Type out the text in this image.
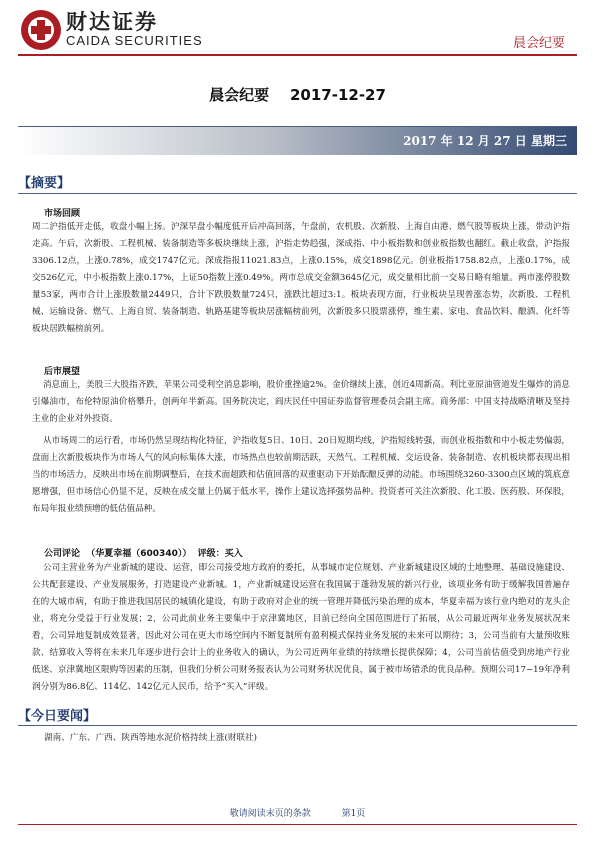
财达证券
CAIDA SECURITIES	晨会纪要
晨会纪要    2017-12-27
2017 年 12 月 27 日 星期三
【摘要】
市场回顾
周二沪指低开走低，收盘小幅上扬。沪深早盘小幅度低开后冲高回落，午盘前，农机股、次新股、上海自由港、燃气股等板块上涨，带动沪指走高。午后，次新股、工程机械、装备制造等多板块继续上涨，沪指走势趋强，深成指、中小板指数和创业板指数也翻红。截止收盘，沪指报3306.12点，上涨0.78%，成交1747亿元。深成指报11021.83点，上涨0.15%，成交1898亿元。创业板指1758.82点，上涨0.17%，成交526亿元，中小板指数上涨0.17%，上证50指数上涨0.49%。两市总成交金额3645亿元，成交量相比前一交易日略有缩量。两市涨停股数量53家，两市合计上涨股数量2449只，合计下跌股数量724只，涨跌比超过3:1。板块表现方面，行业板块呈现普涨态势，次新股、工程机械、运输设备、燃气、上海自贸、装备制造、轨路基建等板块居涨幅榜前列，次新股多只股票涨停，维生素、家电、食品饮料、酿酒、化纤等板块居跌幅榜前列。
后市展望
消息面上，美股三大股指齐跌，苹果公司受利空消息影响，股价重挫逾2%。金价继续上涨，创近4周新高。利比亚原油管道发生爆炸的消息引爆油市，布伦特原油价格攀升，创两年半新高。国务院决定，阎庆民任中国证券监督管理委员会副主席。商务部：中国支持战略清晰及坚持主业的企业对外投资。
从市场周二的运行看，市场仍然呈现结构化特征，沪指收复5日、10日、20日短期均线，沪指短线转强，而创业板指数和中小板走势偏弱，盘面上次新股板块作为市场人气的风向标集体大涨，市场热点也较前期活跃，天然气、工程机械、交运设备、装备制造、农机板块都表现出相当的市场活力，反映出市场在前期调整后，在技术面超跌和估值回落的双重驱动下开始酝酿反弹的动能。市场围绕3260-3300点区域的筑底意愿增强，但市场信心仍显不足，反映在成交量上仍属于低水平，操作上建议选择强势品种。投资者可关注次新股、化工股、医药股、环保股，布局年报业绩预增的低估值品种。
公司评论  （华夏幸福（600340））  评级：买入
公司主营业务为产业新城的建设、运营，即公司接受地方政府的委托，从事城市定位规划、产业新城建设区域的土地整理、基础设施建设、公共配套建设、产业发展服务，打造建设产业新城。1，产业新城建设运营在我国属于蓬勃发展的新兴行业，该项业务有助于缓解我国普遍存在的大城市病，有助于推进我国居民的城镇化建设，有助于政府对企业的统一管理并降低污染治理的成本，华夏幸福为该行业内绝对的龙头企业，将充分受益于行业发展；2，公司此前业务主要集中于京津冀地区，目前已经向全国范围进行了拓展，从公司最近两年业务发展状况来看，公司异地复制成效显著，因此对公司在更大市场空间内不断复制所有盈利模式保持业务发展的未来可以期待；3，公司当前有大量预收账款、结算收入等将在未来几年逐步进行会计上的业务收入的确认，为公司近两年业绩的持续增长提供保障；4，公司当前估值受到房地产行业低迷、京津冀地区限购等因素的压制，但我们分析公司财务报表认为公司财务状况优良，属于被市场错杀的优良品种。预期公司17~19年净利润分别为86.8亿、114亿、142亿元人民币，给予“买入”评级。
【今日要闻】
湖南、广东、广西、陕西等地水泥价格持续上涨(财联社)
敬请阅读末页的条款	第1页
